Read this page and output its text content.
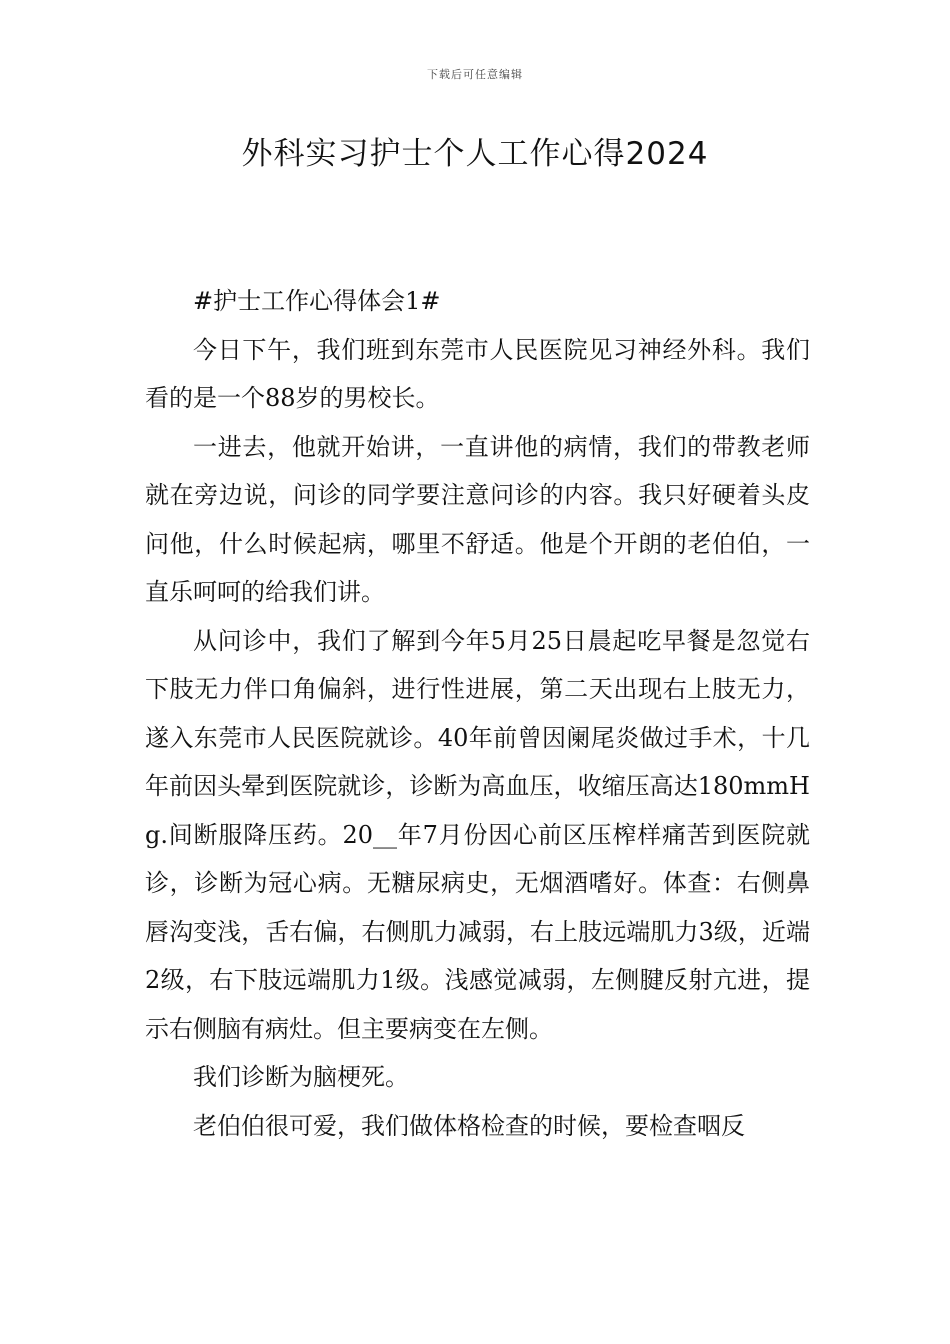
下载后可任意编辑
外科实习护士个人工作心得2024

#护士工作心得体会1#

今日下午，我们班到东莞市人民医院见习神经外科。我们看的是一个88岁的男校长。

一进去，他就开始讲，一直讲他的病情，我们的带教老师就在旁边说，问诊的同学要注意问诊的内容。我只好硬着头皮问他，什么时候起病，哪里不舒适。他是个开朗的老伯伯，一直乐呵呵的给我们讲。

从问诊中，我们了解到今年5月25日晨起吃早餐是忽觉右下肢无力伴口角偏斜，进行性进展，第二天出现右上肢无力，遂入东莞市人民医院就诊。40年前曾因阑尾炎做过手术，十几年前因头晕到医院就诊，诊断为高血压，收缩压高达180mmHg.间断服降压药。20__年7月份因心前区压榨样痛苦到医院就诊，诊断为冠心病。无糖尿病史，无烟酒嗜好。体查：右侧鼻唇沟变浅，舌右偏，右侧肌力减弱，右上肢远端肌力3级，近端2级，右下肢远端肌力1级。浅感觉减弱，左侧腱反射亢进，提示右侧脑有病灶。但主要病变在左侧。

我们诊断为脑梗死。

老伯伯很可爱，我们做体格检查的时候，要检查咽反
